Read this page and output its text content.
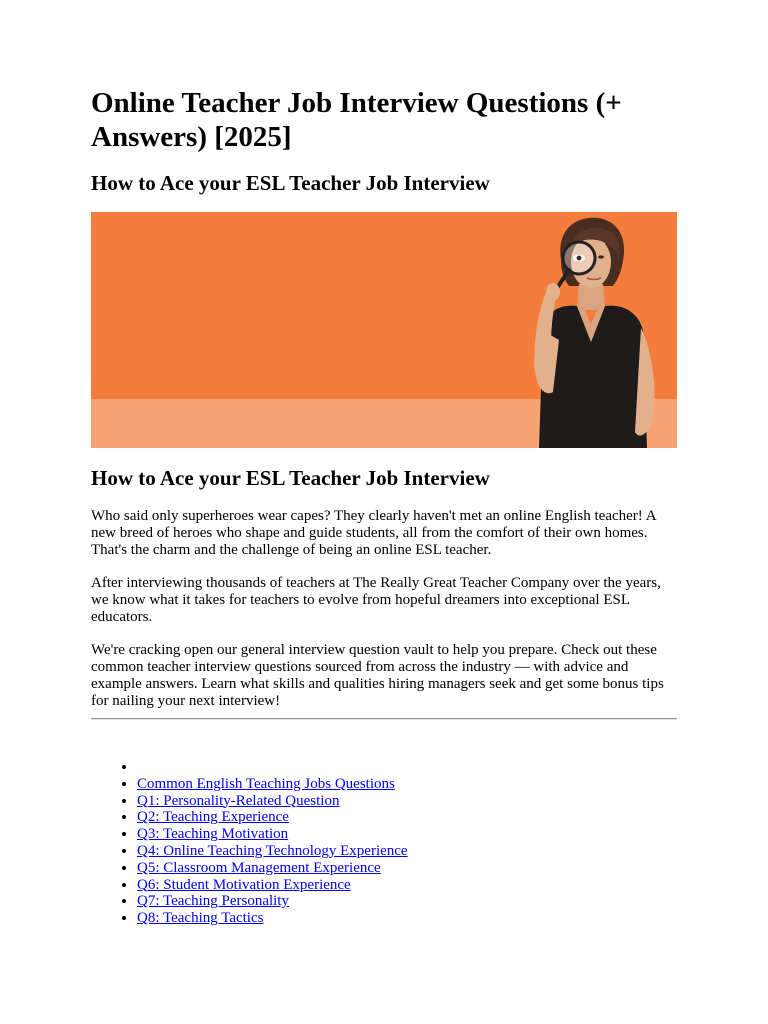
Online Teacher Job Interview Questions (+ Answers) [2025]
How to Ace your ESL Teacher Job Interview
How to Ace your ESL Teacher Job Interview

Who said only superheroes wear capes? They clearly haven't met an online English teacher! A new breed of heroes who shape and guide students, all from the comfort of their own homes. That's the charm and the challenge of being an online ESL teacher.

After interviewing thousands of teachers at The Really Great Teacher Company over the years, we know what it takes for teachers to evolve from hopeful dreamers into exceptional ESL educators.

We're cracking open our general interview question vault to help you prepare. Check out these common teacher interview questions sourced from across the industry — with advice and example answers. Learn what skills and qualities hiring managers seek and get some bonus tips for nailing your next interview!

•
• Common English Teaching Jobs Questions
• Q1: Personality-Related Question
• Q2: Teaching Experience
• Q3: Teaching Motivation
• Q4: Online Teaching Technology Experience
• Q5: Classroom Management Experience
• Q6: Student Motivation Experience
• Q7: Teaching Personality
• Q8: Teaching Tactics
